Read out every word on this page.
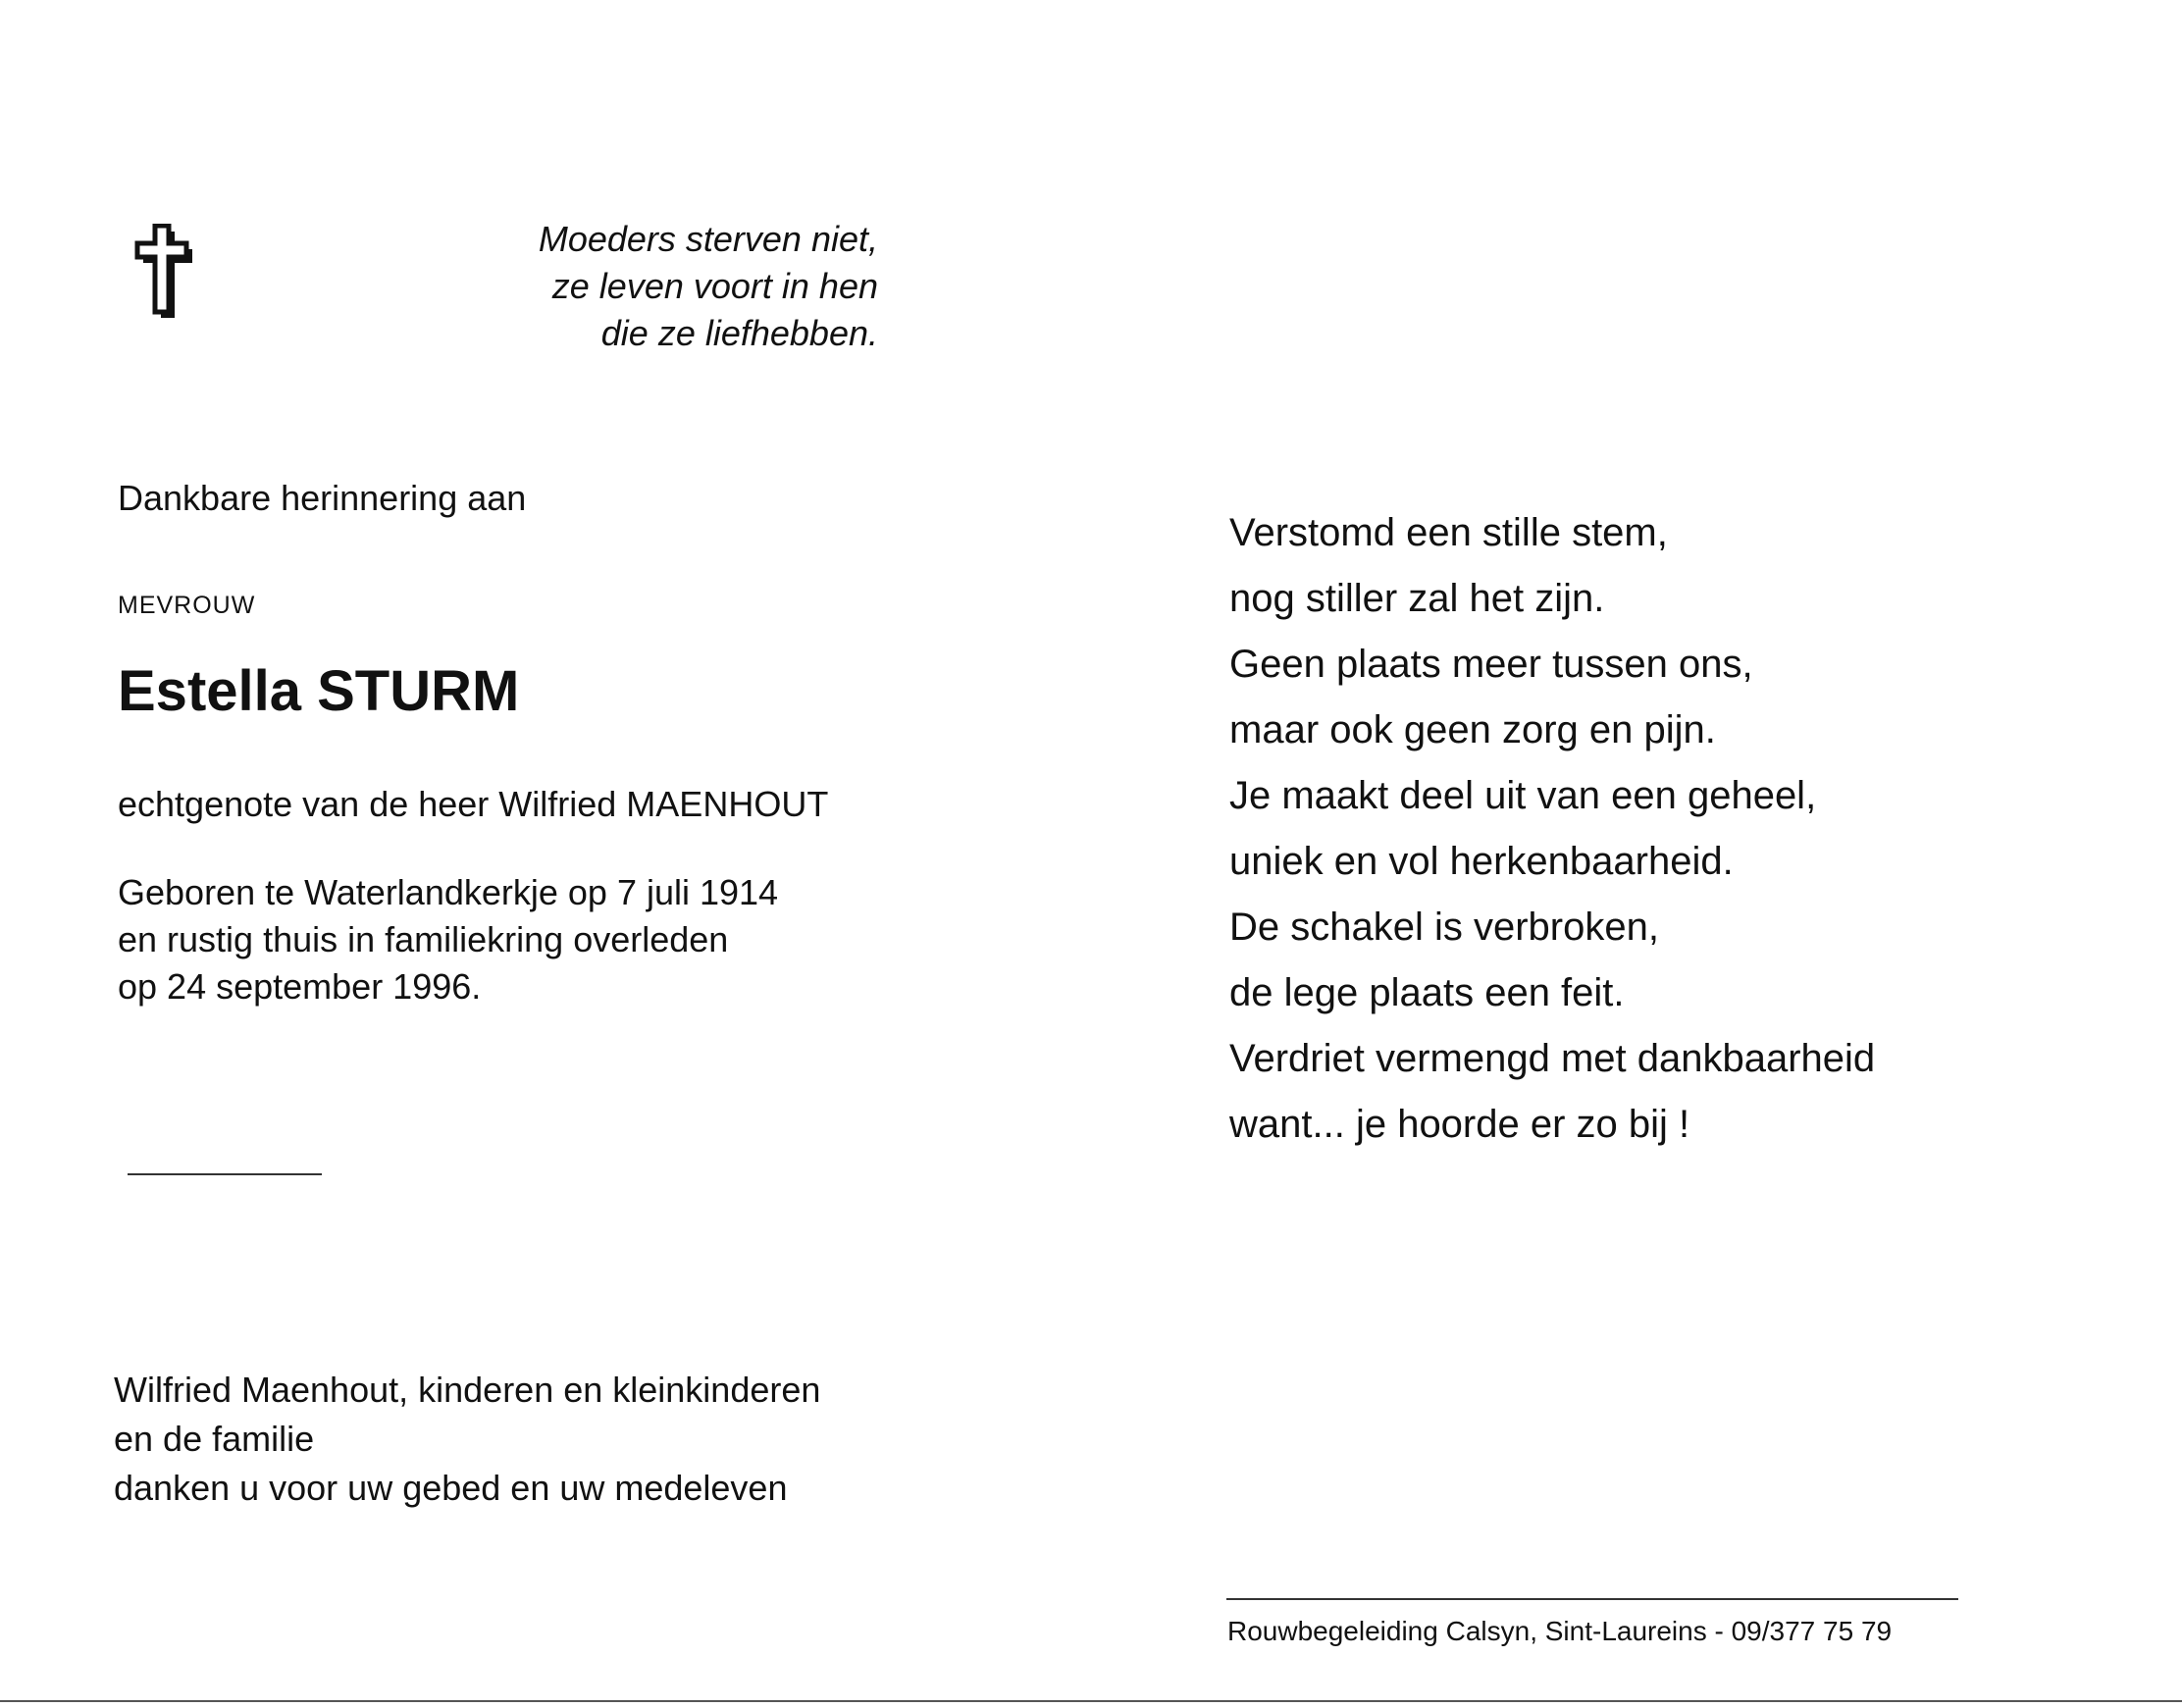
Moeders sterven niet,
ze leven voort in hen
die ze liefhebben.
Dankbare herinnering aan
MEVROUW
Estella STURM
echtgenote van de heer Wilfried MAENHOUT
Geboren te Waterlandkerkje op 7 juli 1914
en rustig thuis in familiekring overleden
op 24 september 1996.
Wilfried Maenhout, kinderen en kleinkinderen
en de familie
danken u voor uw gebed en uw medeleven
Verstomd een stille stem,
nog stiller zal het zijn.
Geen plaats meer tussen ons,
maar ook geen zorg en pijn.
Je maakt deel uit van een geheel,
uniek en vol herkenbaarheid.
De schakel is verbroken,
de lege plaats een feit.
Verdriet vermengd met dankbaarheid
want... je hoorde er zo bij !
Rouwbegeleiding Calsyn, Sint-Laureins - 09/377 75 79
